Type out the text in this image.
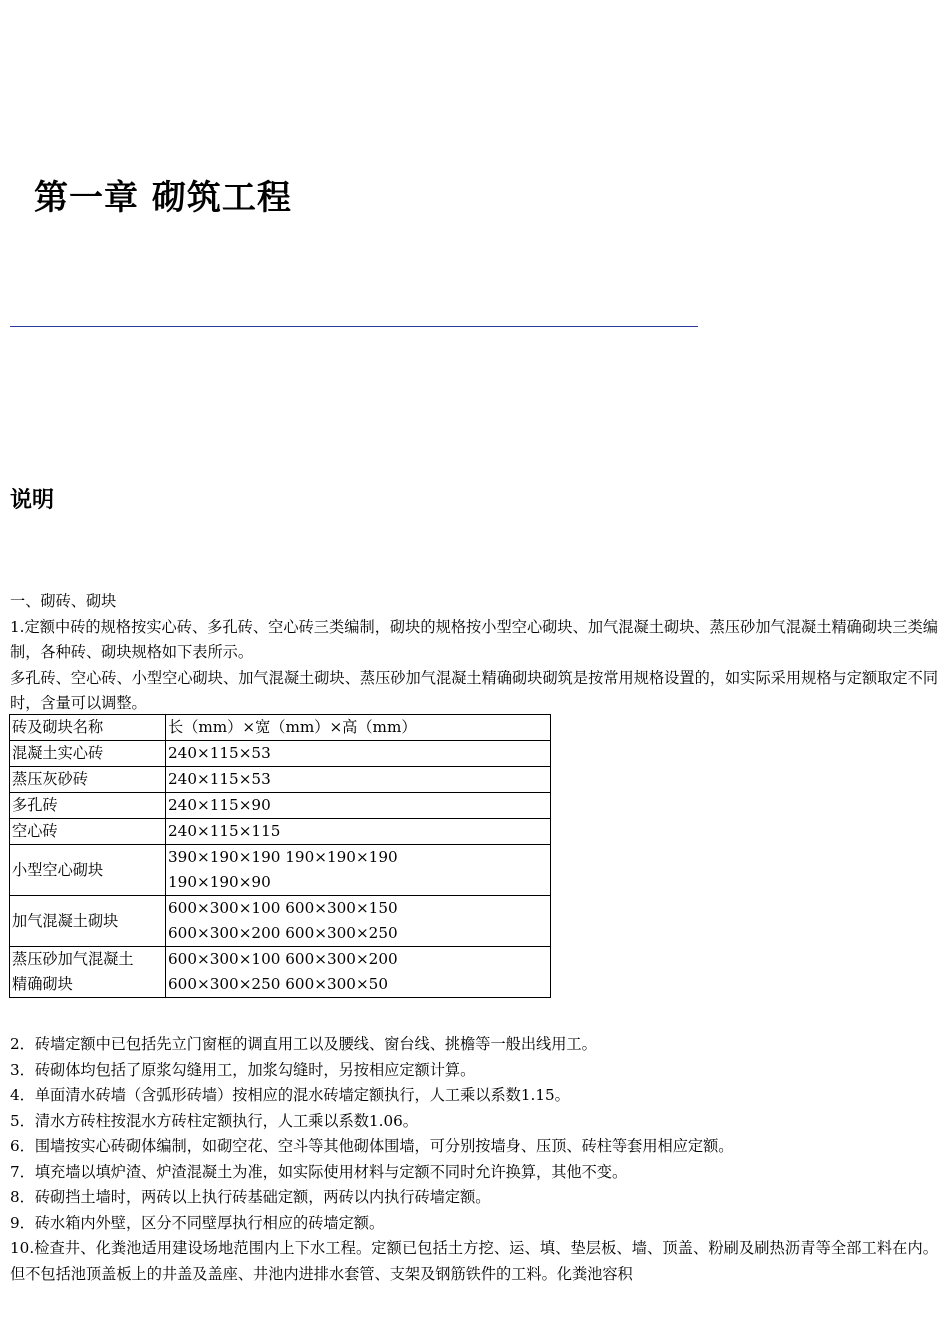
第一章 砌筑工程
说明

一、砌砖、砌块

1.定额中砖的规格按实心砖、多孔砖、空心砖三类编制，砌块的规格按小型空心砌块、加气混凝土砌块、蒸压砂加气混凝土精确砌块三类编制，各种砖、砌块规格如下表所示。

多孔砖、空心砖、小型空心砌块、加气混凝土砌块、蒸压砂加气混凝土精确砌块砌筑是按常用规格设置的，如实际采用规格与定额取定不同时，含量可以调整。

砖及砌块名称	长（mm）×宽（mm）×高（mm）

混凝土实心砖	240×115×53

蒸压灰砂砖	240×115×53

多孔砖	240×115×90

空心砖	240×115×115

小型空心砌块	390×190×190 190×190×190
190×190×90

加气混凝土砌块	600×300×100 600×300×150
600×300×200 600×300×250

蒸压砂加气混凝土
精确砌块	600×300×100 600×300×200
600×300×250 600×300×50

2．砖墙定额中已包括先立门窗框的调直用工以及腰线、窗台线、挑檐等一般出线用工。

3．砖砌体均包括了原浆勾缝用工，加浆勾缝时，另按相应定额计算。

4．单面清水砖墙（含弧形砖墙）按相应的混水砖墙定额执行，人工乘以系数1.15。

5．清水方砖柱按混水方砖柱定额执行，人工乘以系数1.06。

6．围墙按实心砖砌体编制，如砌空花、空斗等其他砌体围墙，可分别按墙身、压顶、砖柱等套用相应定额。

7．填充墙以填炉渣、炉渣混凝土为准，如实际使用材料与定额不同时允许换算，其他不变。

8．砖砌挡土墙时，两砖以上执行砖基础定额，两砖以内执行砖墙定额。

9．砖水箱内外壁，区分不同壁厚执行相应的砖墙定额。

10.检查井、化粪池适用建设场地范围内上下水工程。定额已包括土方挖、运、填、垫层板、墙、顶盖、粉刷及刷热沥青等全部工料在内。但不包括池顶盖板上的井盖及盖座、井池内进排水套管、支架及钢筋铁件的工料。化粪池容积
